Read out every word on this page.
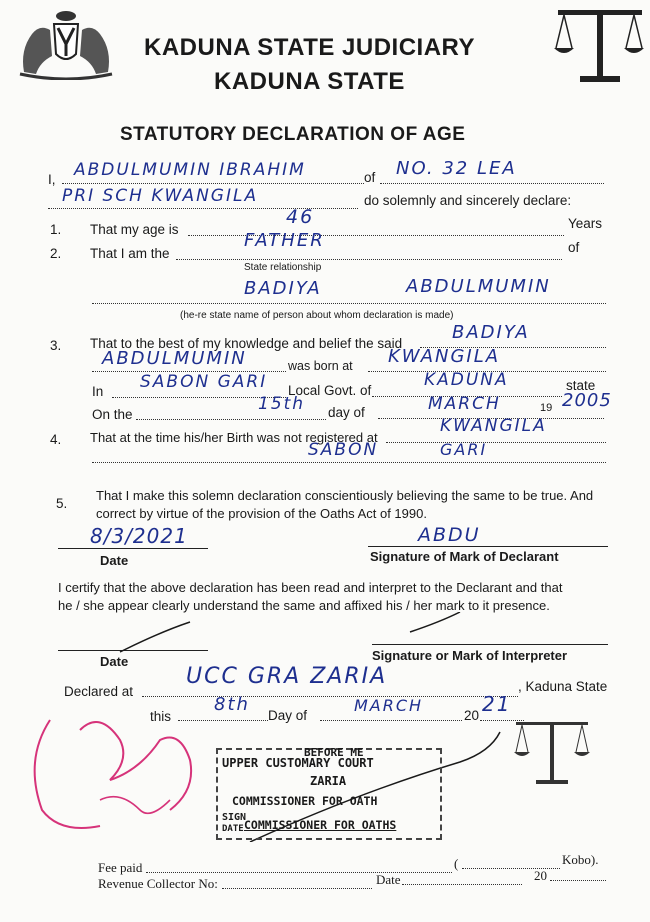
KADUNA STATE JUDICIARY
KADUNA STATE
STATUTORY DECLARATION OF AGE
I, ABDULMUMIN IBRAHIM	of NO. 32 LEA
PRI SCH KWANGILA	do solemnly and sincerely declare:
1. That my age is
46	Years
2. That I am the
FATHER	of
State relationship
BADIYA	ABDULMUMIN
(he-re state name of person about whom declaration is made)
3. That to the best of my knowledge and belief the said
BADIYA
ABDULMUMIN	was born at KWANGILA
In SABON GARI Local Govt. of
KADUNA	state
On the
15th day of	MARCH	19 2005
4. That at the time his/her Birth was not registered at
KWANGILA
SABON	GARI
5.
That I make this solemn declaration conscientiously believing the same to be true. And
correct by virtue of the provision of the Oaths Act of 1990.
8/3/2021
Date
ABDU
Signature of Mark of Declarant
I certify that the above declaration has been read and interpret to the Declarant and that
he / she appear clearly understand the same and affixed his / her mark to it presence.
Date	Signature or Mark of Interpreter
Declared at
UCC GRA ZARIA	, Kaduna State
this
8th
Day of
MARCH
20 21
UPPER CUSTOMARY COURT
BEFORE ME
ZARIA
COMMISSIONER FOR OATH
SIGN
DATE COMMISSIONER FOR OATHS
Fee paid	(	Kobo).
Revenue Collector No:	Date	20
